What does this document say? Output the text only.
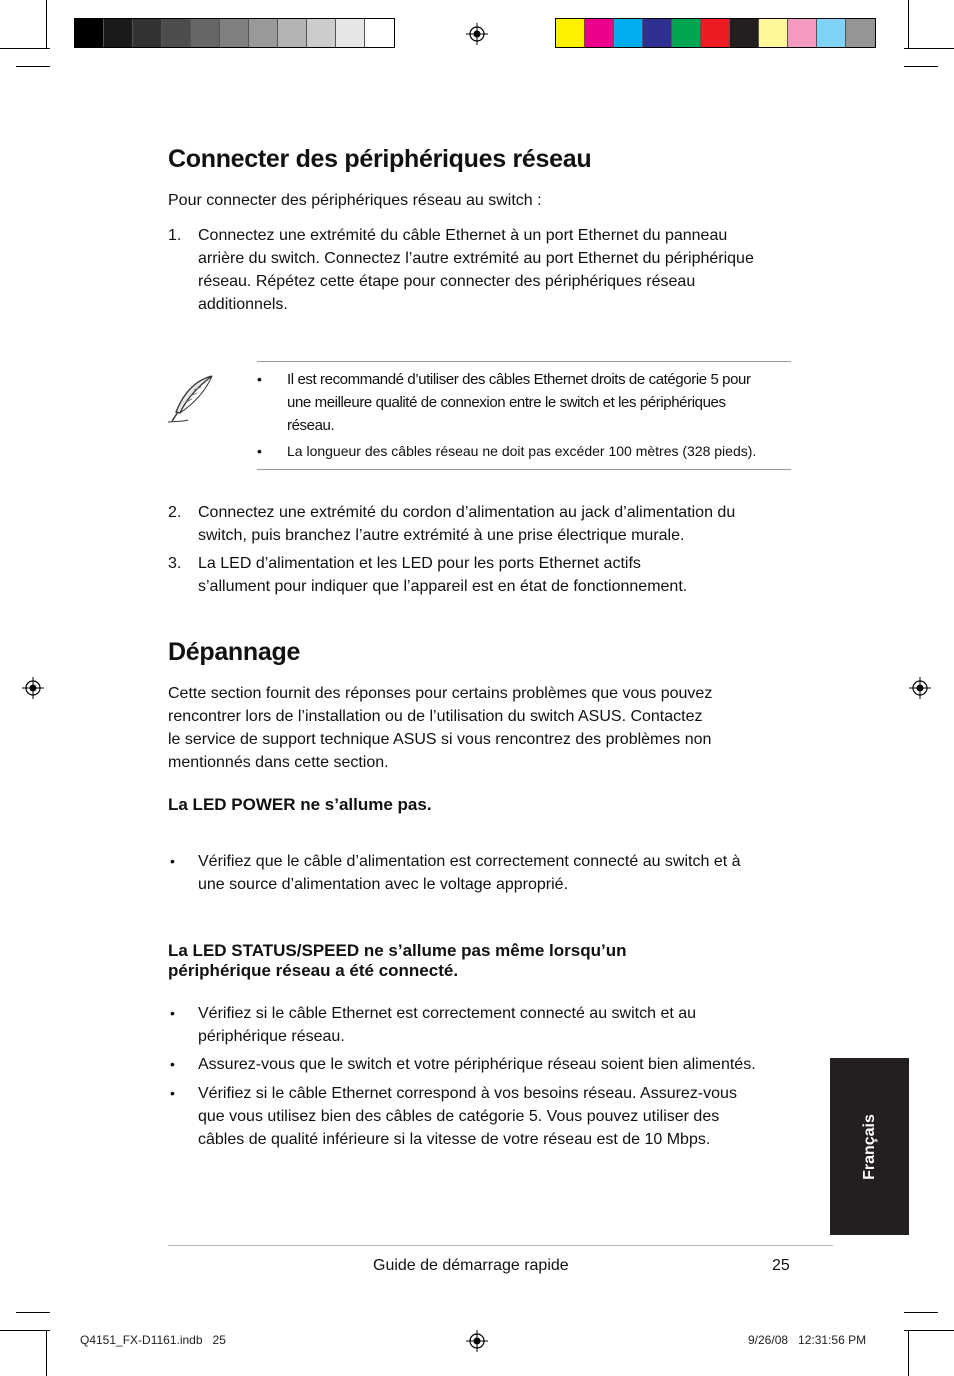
Connecter des périphériques réseau

Pour connecter des périphériques réseau au switch :

1. Connectez une extrémité du câble Ethernet à un port Ethernet du panneau
arrière du switch. Connectez l’autre extrémité au port Ethernet du périphérique
réseau. Répétez cette étape pour connecter des périphériques réseau
additionnels.
• Il est recommandé d’utiliser des câbles Ethernet droits de catégorie 5 pour
une meilleure qualité de connexion entre le switch et les périphériques
réseau.
• La longueur des câbles réseau ne doit pas excéder 100 mètres (328 pieds).
2. Connectez une extrémité du cordon d’alimentation au jack d’alimentation du
switch, puis branchez l’autre extrémité à une prise électrique murale.
3. La LED d’alimentation et les LED pour les ports Ethernet actifs
s’allument pour indiquer que l’appareil est en état de fonctionnement.
Dépannage
Cette section fournit des réponses pour certains problèmes que vous pouvez
rencontrer lors de l’installation ou de l’utilisation du switch ASUS. Contactez
le service de support technique ASUS si vous rencontrez des problèmes non
mentionnés dans cette section.
La LED POWER ne s’allume pas.
• Vérifiez que le câble d’alimentation est correctement connecté au switch et à
une source d’alimentation avec le voltage approprié.
La LED STATUS/SPEED ne s’allume pas même lorsqu’un
périphérique réseau a été connecté.
• Vérifiez si le câble Ethernet est correctement connecté au switch et au
périphérique réseau.
• Assurez-vous que le switch et votre périphérique réseau soient bien alimentés.
• Vérifiez si le câble Ethernet correspond à vos besoins réseau. Assurez-vous
que vous utilisez bien des câbles de catégorie 5. Vous pouvez utiliser des
câbles de qualité inférieure si la vitesse de votre réseau est de 10 Mbps.	Français
Guide de démarrage rapide	25
Q4151_FX-D1161.indb   25	9/26/08   12:31:56 PM
